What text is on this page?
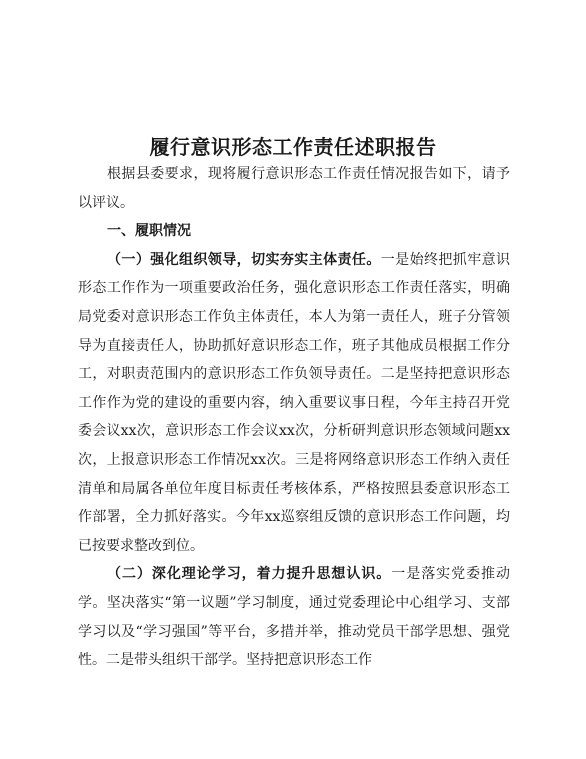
履行意识形态工作责任述职报告

根据县委要求，现将履行意识形态工作责任情况报告如下，请予以评议。

一、履职情况

（一）强化组织领导，切实夯实主体责任。一是始终把抓牢意识形态工作作为一项重要政治任务，强化意识形态工作责任落实，明确局党委对意识形态工作负主体责任，本人为第一责任人，班子分管领导为直接责任人，协助抓好意识形态工作，班子其他成员根据工作分工，对职责范围内的意识形态工作负领导责任。二是坚持把意识形态工作作为党的建设的重要内容，纳入重要议事日程，今年主持召开党委会议xx次，意识形态工作会议xx次，分析研判意识形态领域问题xx次，上报意识形态工作情况xx次。三是将网络意识形态工作纳入责任清单和局属各单位年度目标责任考核体系，严格按照县委意识形态工作部署，全力抓好落实。今年xx巡察组反馈的意识形态工作问题，均已按要求整改到位。

（二）深化理论学习，着力提升思想认识。一是落实党委推动学。坚决落实“第一议题”学习制度，通过党委理论中心组学习、支部学习以及“学习强国”等平台，多措并举，推动党员干部学思想、强党性。二是带头组织干部学。坚持把意识形态工作
